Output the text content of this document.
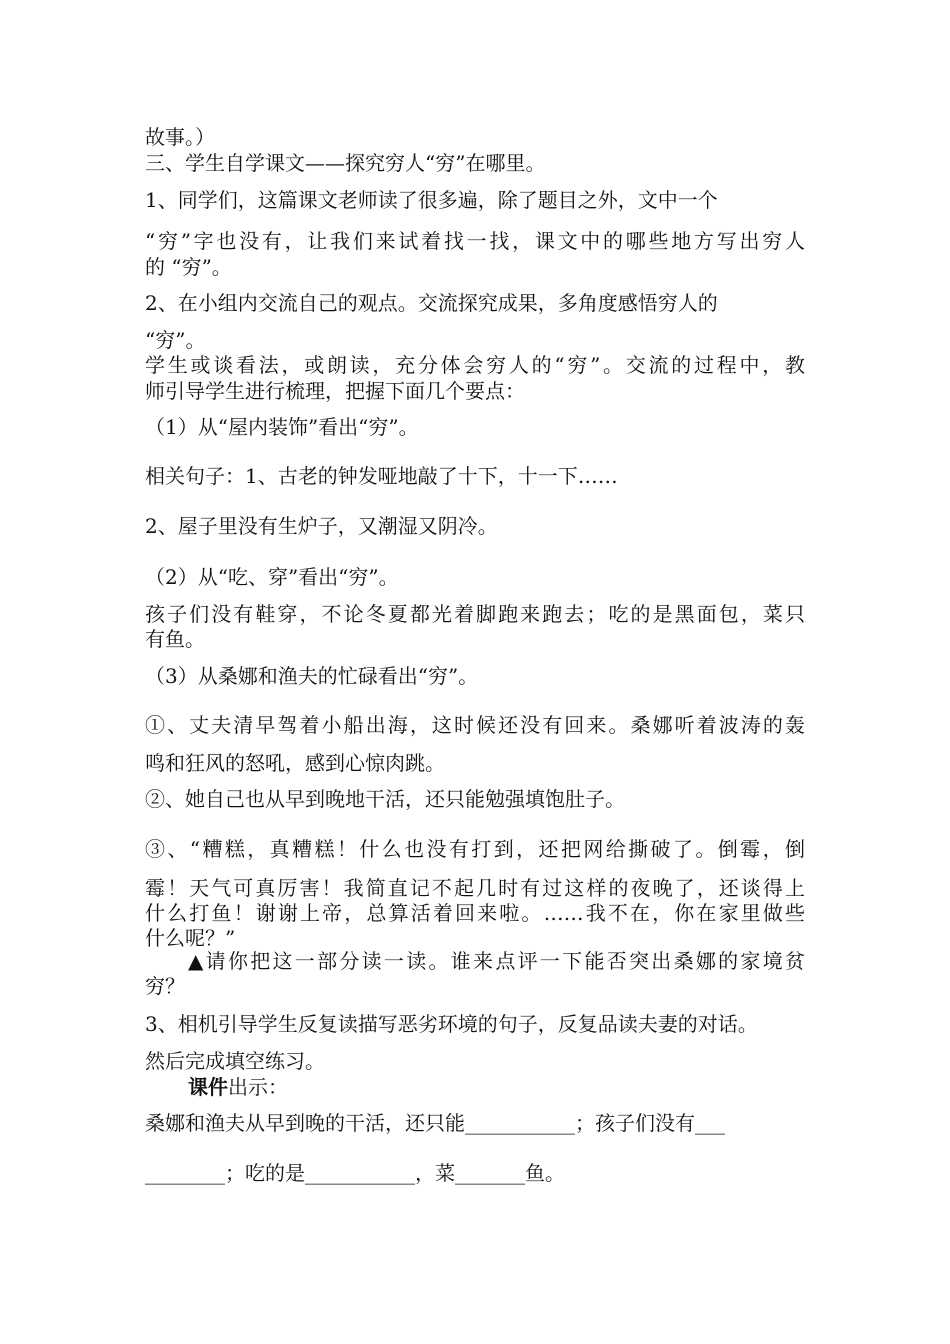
故事。）
三、学生自学课文——探究穷人“穷”在哪里。
1、同学们，这篇课文老师读了很多遍，除了题目之外，文中一个
“穷”字也没有，让我们来试着找一找，课文中的哪些地方写出穷人
的 “穷”。
2、在小组内交流自己的观点。交流探究成果，多角度感悟穷人的
“穷”。
学生或谈看法，或朗读，充分体会穷人的“穷”。交流的过程中，教
师引导学生进行梳理，把握下面几个要点：
（1）从“屋内装饰”看出“穷”。
相关句子：1、古老的钟发哑地敲了十下，十一下……
2、屋子里没有生炉子，又潮湿又阴冷。
（2）从“吃、穿”看出“穷”。
孩子们没有鞋穿，不论冬夏都光着脚跑来跑去；吃的是黑面包，菜只
有鱼。
（3）从桑娜和渔夫的忙碌看出“穷”。
①、丈夫清早驾着小船出海，这时候还没有回来。桑娜听着波涛的轰
鸣和狂风的怒吼，感到心惊肉跳。
②、她自己也从早到晚地干活，还只能勉强填饱肚子。
③、“糟糕，真糟糕！什么也没有打到，还把网给撕破了。倒霉，倒
霉！天气可真厉害！我简直记不起几时有过这样的夜晚了，还谈得上
什么打鱼！谢谢上帝，总算活着回来啦。……我不在，你在家里做些
什么呢？”
▲请你把这一部分读一读。谁来点评一下能否突出桑娜的家境贫
穷？
3、相机引导学生反复读描写恶劣环境的句子，反复品读夫妻的对话。
然后完成填空练习。
课件出示：
桑娜和渔夫从早到晚的干活，还只能___________；孩子们没有___
________；吃的是___________，菜_______鱼。
